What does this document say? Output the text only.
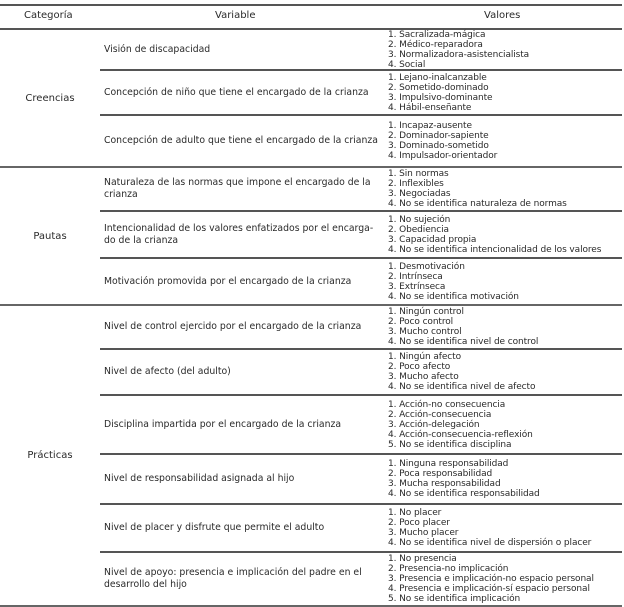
Categoría	Variable	Valores
Creencias
Visión de discapacidad
1. Sacralizada-mágica
2. Médico-reparadora
3. Normalizadora-asistencialista
4. Social
Concepción de niño que tiene el encargado de la crianza
1. Lejano-inalcanzable
2. Sometido-dominado
3. Impulsivo-dominante
4. Hábil-enseñante
Concepción de adulto que tiene el encargado de la crianza
1. Incapaz-ausente
2. Dominador-sapiente
3. Dominado-sometido
4. Impulsador-orientador
Pautas
Naturaleza de las normas que impone el encargado de la crianza
1. Sin normas
2. Inflexibles
3. Negociadas
4. No se identifica naturaleza de normas
Intencionalidad de los valores enfatizados por el encarga-do de la crianza
1. No sujeción
2. Obediencia
3. Capacidad propia
4. No se identifica intencionalidad de los valores
Motivación promovida por el encargado de la crianza
1. Desmotivación
2. Intrínseca
3. Extrínseca
4. No se identifica motivación
Prácticas
Nivel de control ejercido por el encargado de la crianza
1. Ningún control
2. Poco control
3. Mucho control
4. No se identifica nivel de control
Nivel de afecto (del adulto)
1. Ningún afecto
2. Poco afecto
3. Mucho afecto
4. No se identifica nivel de afecto
Disciplina impartida por el encargado de la crianza
1. Acción-no consecuencia
2. Acción-consecuencia
3. Acción-delegación
4. Acción-consecuencia-reflexión
5. No se identifica disciplina
Nivel de responsabilidad asignada al hijo
1. Ninguna responsabilidad
2. Poca responsabilidad
3. Mucha responsabilidad
4. No se identifica responsabilidad
Nivel de placer y disfrute que permite el adulto
1. No placer
2. Poco placer
3. Mucho placer
4. No se identifica nivel de dispersión o placer
Nivel de apoyo: presencia e implicación del padre en el desarrollo del hijo
1. No presencia
2. Presencia-no implicación
3. Presencia e implicación-no espacio personal
4. Presencia e implicación-sí espacio personal
5. No se identifica implicación
